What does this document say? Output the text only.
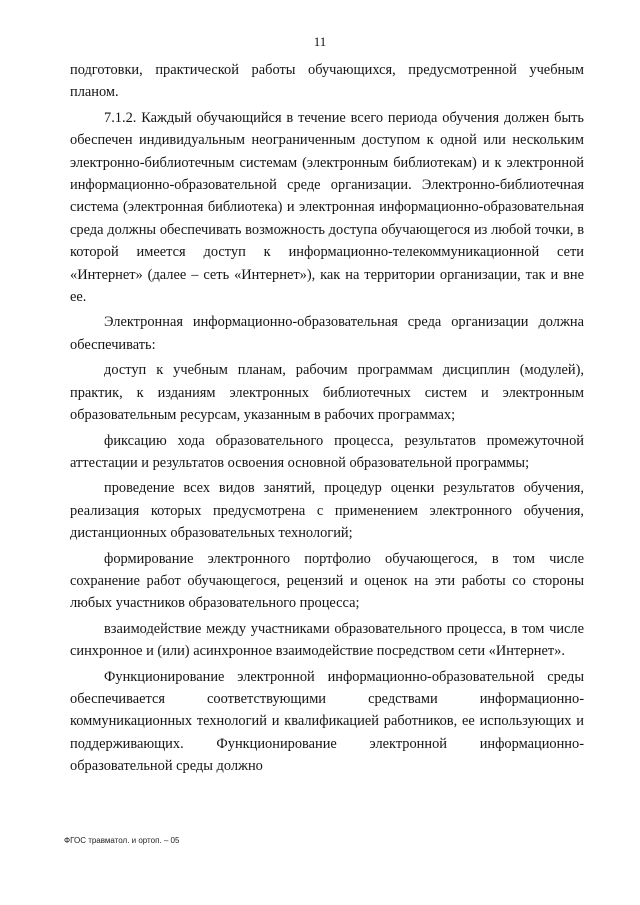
11

подготовки, практической работы обучающихся, предусмотренной учебным планом.

7.1.2. Каждый обучающийся в течение всего периода обучения должен быть обеспечен индивидуальным неограниченным доступом к одной или нескольким электронно-библиотечным системам (электронным библиотекам) и к электронной информационно-образовательной среде организации. Электронно-библиотечная система (электронная библиотека) и электронная информационно-образовательная среда должны обеспечивать возможность доступа обучающегося из любой точки, в которой имеется доступ к информационно-телекоммуникационной сети «Интернет» (далее – сеть «Интернет»), как на территории организации, так и вне ее.

Электронная информационно-образовательная среда организации должна обеспечивать:

доступ к учебным планам, рабочим программам дисциплин (модулей), практик, к изданиям электронных библиотечных систем и электронным образовательным ресурсам, указанным в рабочих программах;

фиксацию хода образовательного процесса, результатов промежуточной аттестации и результатов освоения основной образовательной программы;

проведение всех видов занятий, процедур оценки результатов обучения, реализация которых предусмотрена с применением электронного обучения, дистанционных образовательных технологий;

формирование электронного портфолио обучающегося, в том числе сохранение работ обучающегося, рецензий и оценок на эти работы со стороны любых участников образовательного процесса;

взаимодействие между участниками образовательного процесса, в том числе синхронное и (или) асинхронное взаимодействие посредством сети «Интернет».

Функционирование электронной информационно-образовательной среды обеспечивается соответствующими средствами информационно-коммуникационных технологий и квалификацией работников, ее использующих и поддерживающих. Функционирование электронной информационно-образовательной среды должно

ФГОС травматол. и ортоп. – 05
